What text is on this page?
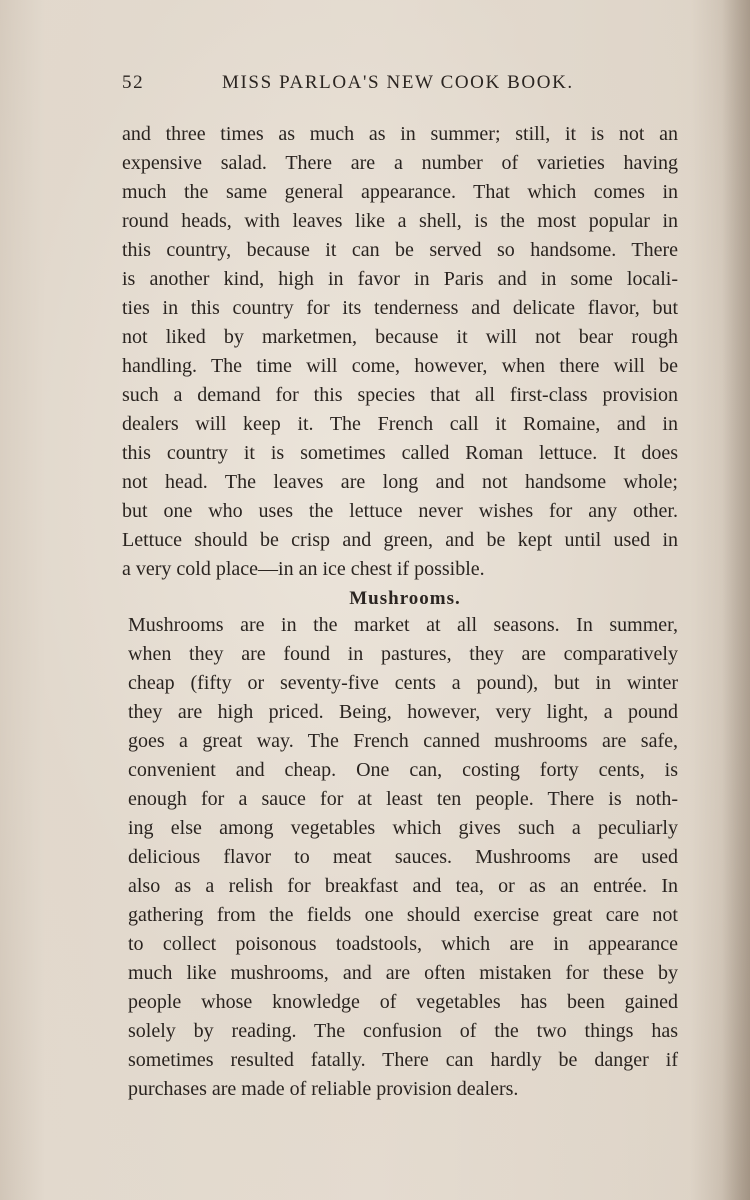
52	MISS PARLOA'S NEW COOK BOOK.
and three times as much as in summer; still, it is not an
expensive salad. There are a number of varieties having
much the same general appearance. That which comes in
round heads, with leaves like a shell, is the most popular in
this country, because it can be served so handsome. There
is another kind, high in favor in Paris and in some locali-
ties in this country for its tenderness and delicate flavor, but
not liked by marketmen, because it will not bear rough
handling. The time will come, however, when there will be
such a demand for this species that all first-class provision
dealers will keep it. The French call it Romaine, and in
this country it is sometimes called Roman lettuce. It does
not head. The leaves are long and not handsome whole;
but one who uses the lettuce never wishes for any other.
Lettuce should be crisp and green, and be kept until used in
a very cold place—in an ice chest if possible.
Mushrooms.
Mushrooms are in the market at all seasons. In summer,
when they are found in pastures, they are comparatively
cheap (fifty or seventy-five cents a pound), but in winter
they are high priced. Being, however, very light, a pound
goes a great way. The French canned mushrooms are safe,
convenient and cheap. One can, costing forty cents, is
enough for a sauce for at least ten people. There is noth-
ing else among vegetables which gives such a peculiarly
delicious flavor to meat sauces. Mushrooms are used
also as a relish for breakfast and tea, or as an entrée. In
gathering from the fields one should exercise great care not
to collect poisonous toadstools, which are in appearance
much like mushrooms, and are often mistaken for these by
people whose knowledge of vegetables has been gained
solely by reading. The confusion of the two things has
sometimes resulted fatally. There can hardly be danger if
purchases are made of reliable provision dealers.
